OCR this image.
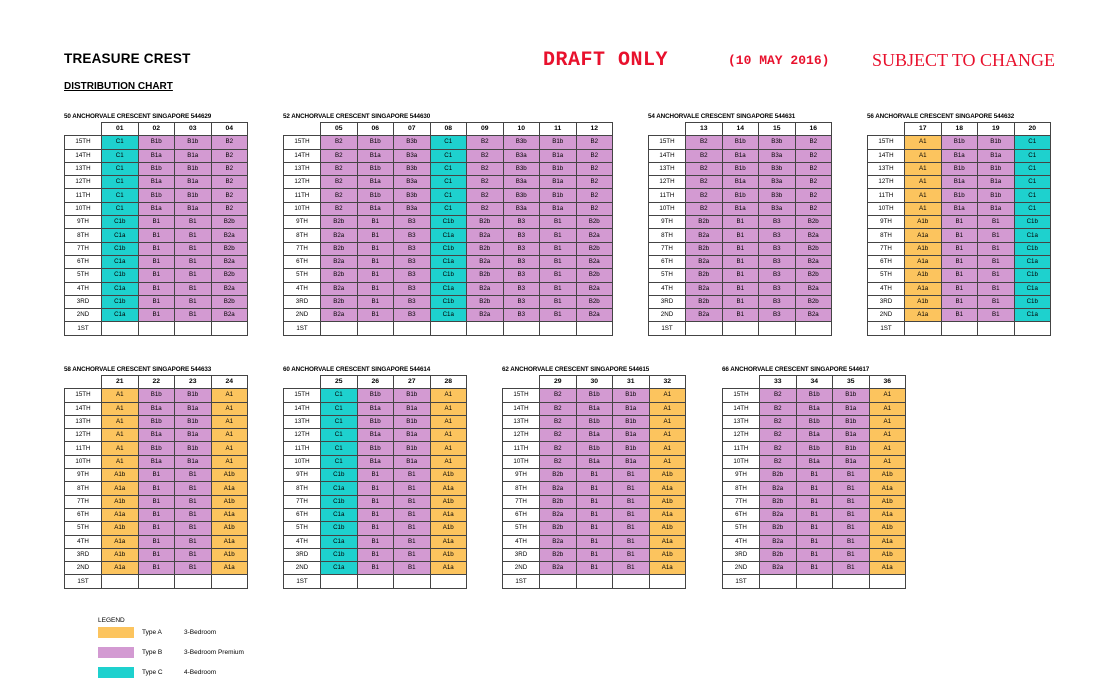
TREASURE CREST
DISTRIBUTION CHART
DRAFT ONLY	(10 MAY 2016) SUBJECT TO CHANGE
50 ANCHORVALE CRESCENT SINGAPORE 544629
	01	02	03	04
15TH	C1	B1b	B1b	B2
14TH	C1	B1a	B1a	B2
13TH	C1	B1b	B1b	B2
12TH	C1	B1a	B1a	B2
11TH	C1	B1b	B1b	B2
10TH	C1	B1a	B1a	B2
9TH	C1b	B1	B1	B2b
8TH	C1a	B1	B1	B2a
7TH	C1b	B1	B1	B2b
6TH	C1a	B1	B1	B2a
5TH	C1b	B1	B1	B2b
4TH	C1a	B1	B1	B2a
3RD	C1b	B1	B1	B2b
2ND	C1a	B1	B1	B2a
1ST				
52 ANCHORVALE CRESCENT SINGAPORE 544630
	05	06	07	08	09	10	11	12
15TH	B2	B1b	B3b	C1	B2	B3b	B1b	B2
14TH	B2	B1a	B3a	C1	B2	B3a	B1a	B2
13TH	B2	B1b	B3b	C1	B2	B3b	B1b	B2
12TH	B2	B1a	B3a	C1	B2	B3a	B1a	B2
11TH	B2	B1b	B3b	C1	B2	B3b	B1b	B2
10TH	B2	B1a	B3a	C1	B2	B3a	B1a	B2
9TH	B2b	B1	B3	C1b	B2b	B3	B1	B2b
8TH	B2a	B1	B3	C1a	B2a	B3	B1	B2a
7TH	B2b	B1	B3	C1b	B2b	B3	B1	B2b
6TH	B2a	B1	B3	C1a	B2a	B3	B1	B2a
5TH	B2b	B1	B3	C1b	B2b	B3	B1	B2b
4TH	B2a	B1	B3	C1a	B2a	B3	B1	B2a
3RD	B2b	B1	B3	C1b	B2b	B3	B1	B2b
2ND	B2a	B1	B3	C1a	B2a	B3	B1	B2a
1ST								
54 ANCHORVALE CRESCENT SINGAPORE 544631
	13	14	15	16
15TH	B2	B1b	B3b	B2
14TH	B2	B1a	B3a	B2
13TH	B2	B1b	B3b	B2
12TH	B2	B1a	B3a	B2
11TH	B2	B1b	B3b	B2
10TH	B2	B1a	B3a	B2
9TH	B2b	B1	B3	B2b
8TH	B2a	B1	B3	B2a
7TH	B2b	B1	B3	B2b
6TH	B2a	B1	B3	B2a
5TH	B2b	B1	B3	B2b
4TH	B2a	B1	B3	B2a
3RD	B2b	B1	B3	B2b
2ND	B2a	B1	B3	B2a
1ST				
56 ANCHORVALE CRESCENT SINGAPORE 544632
	17	18	19	20
15TH	A1	B1b	B1b	C1
14TH	A1	B1a	B1a	C1
13TH	A1	B1b	B1b	C1
12TH	A1	B1a	B1a	C1
11TH	A1	B1b	B1b	C1
10TH	A1	B1a	B1a	C1
9TH	A1b	B1	B1	C1b
8TH	A1a	B1	B1	C1a
7TH	A1b	B1	B1	C1b
6TH	A1a	B1	B1	C1a
5TH	A1b	B1	B1	C1b
4TH	A1a	B1	B1	C1a
3RD	A1b	B1	B1	C1b
2ND	A1a	B1	B1	C1a
1ST				
58 ANCHORVALE CRESCENT SINGAPORE 544633
	21	22	23	24
15TH	A1	B1b	B1b	A1
14TH	A1	B1a	B1a	A1
13TH	A1	B1b	B1b	A1
12TH	A1	B1a	B1a	A1
11TH	A1	B1b	B1b	A1
10TH	A1	B1a	B1a	A1
9TH	A1b	B1	B1	A1b
8TH	A1a	B1	B1	A1a
7TH	A1b	B1	B1	A1b
6TH	A1a	B1	B1	A1a
5TH	A1b	B1	B1	A1b
4TH	A1a	B1	B1	A1a
3RD	A1b	B1	B1	A1b
2ND	A1a	B1	B1	A1a
1ST				
60 ANCHORVALE CRESCENT SINGAPORE 544614
	25	26	27	28
15TH	C1	B1b	B1b	A1
14TH	C1	B1a	B1a	A1
13TH	C1	B1b	B1b	A1
12TH	C1	B1a	B1a	A1
11TH	C1	B1b	B1b	A1
10TH	C1	B1a	B1a	A1
9TH	C1b	B1	B1	A1b
8TH	C1a	B1	B1	A1a
7TH	C1b	B1	B1	A1b
6TH	C1a	B1	B1	A1a
5TH	C1b	B1	B1	A1b
4TH	C1a	B1	B1	A1a
3RD	C1b	B1	B1	A1b
2ND	C1a	B1	B1	A1a
1ST				
62 ANCHORVALE CRESCENT SINGAPORE 544615
	29	30	31	32
15TH	B2	B1b	B1b	A1
14TH	B2	B1a	B1a	A1
13TH	B2	B1b	B1b	A1
12TH	B2	B1a	B1a	A1
11TH	B2	B1b	B1b	A1
10TH	B2	B1a	B1a	A1
9TH	B2b	B1	B1	A1b
8TH	B2a	B1	B1	A1a
7TH	B2b	B1	B1	A1b
6TH	B2a	B1	B1	A1a
5TH	B2b	B1	B1	A1b
4TH	B2a	B1	B1	A1a
3RD	B2b	B1	B1	A1b
2ND	B2a	B1	B1	A1a
1ST				
66 ANCHORVALE CRESCENT SINGAPORE 544617
	33	34	35	36
15TH	B2	B1b	B1b	A1
14TH	B2	B1a	B1a	A1
13TH	B2	B1b	B1b	A1
12TH	B2	B1a	B1a	A1
11TH	B2	B1b	B1b	A1
10TH	B2	B1a	B1a	A1
9TH	B2b	B1	B1	A1b
8TH	B2a	B1	B1	A1a
7TH	B2b	B1	B1	A1b
6TH	B2a	B1	B1	A1a
5TH	B2b	B1	B1	A1b
4TH	B2a	B1	B1	A1a
3RD	B2b	B1	B1	A1b
2ND	B2a	B1	B1	A1a
1ST				
LEGEND
Type A	3-Bedroom
Type B	3-Bedroom Premium
Type C	4-Bedroom
